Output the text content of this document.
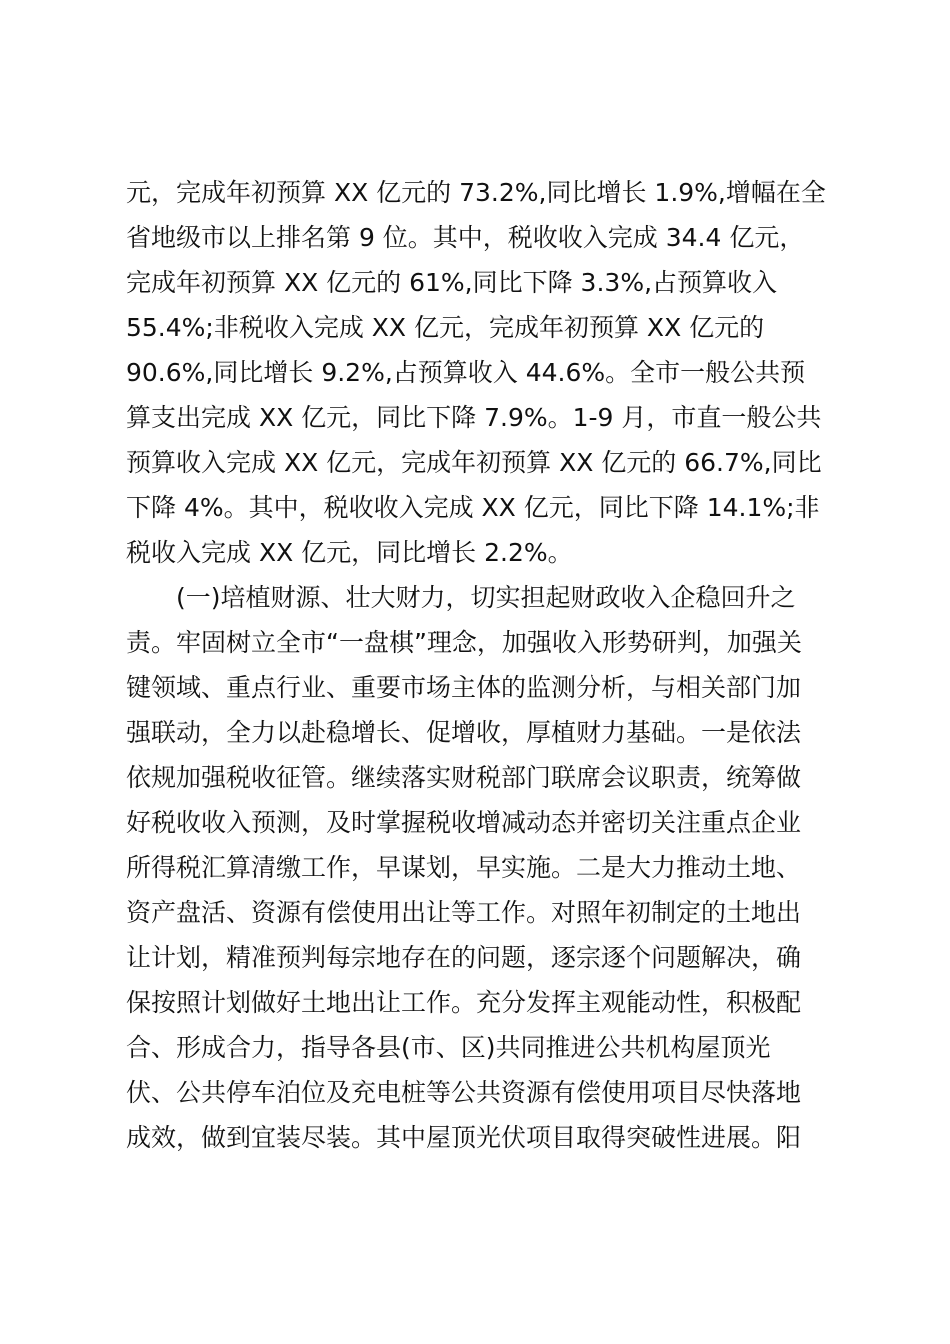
元，完成年初预算 XX 亿元的 73.2%,同比增长 1.9%,增幅在全
省地级市以上排名第 9 位。其中，税收收入完成 34.4 亿元，
完成年初预算 XX 亿元的 61%,同比下降 3.3%,占预算收入
55.4%;非税收入完成 XX 亿元，完成年初预算 XX 亿元的
90.6%,同比增长 9.2%,占预算收入 44.6%。全市一般公共预
算支出完成 XX 亿元，同比下降 7.9%。1-9 月，市直一般公共
预算收入完成 XX 亿元，完成年初预算 XX 亿元的 66.7%,同比
下降 4%。其中，税收收入完成 XX 亿元，同比下降 14.1%;非
税收入完成 XX 亿元，同比增长 2.2%。
(一)培植财源、壮大财力，切实担起财政收入企稳回升之
责。牢固树立全市“一盘棋”理念，加强收入形势研判，加强关
键领域、重点行业、重要市场主体的监测分析，与相关部门加
强联动，全力以赴稳增长、促增收，厚植财力基础。一是依法
依规加强税收征管。继续落实财税部门联席会议职责，统筹做
好税收收入预测，及时掌握税收增减动态并密切关注重点企业
所得税汇算清缴工作，早谋划，早实施。二是大力推动土地、
资产盘活、资源有偿使用出让等工作。对照年初制定的土地出
让计划，精准预判每宗地存在的问题，逐宗逐个问题解决，确
保按照计划做好土地出让工作。充分发挥主观能动性，积极配
合、形成合力，指导各县(市、区)共同推进公共机构屋顶光
伏、公共停车泊位及充电桩等公共资源有偿使用项目尽快落地
成效，做到宜装尽装。其中屋顶光伏项目取得突破性进展。阳
